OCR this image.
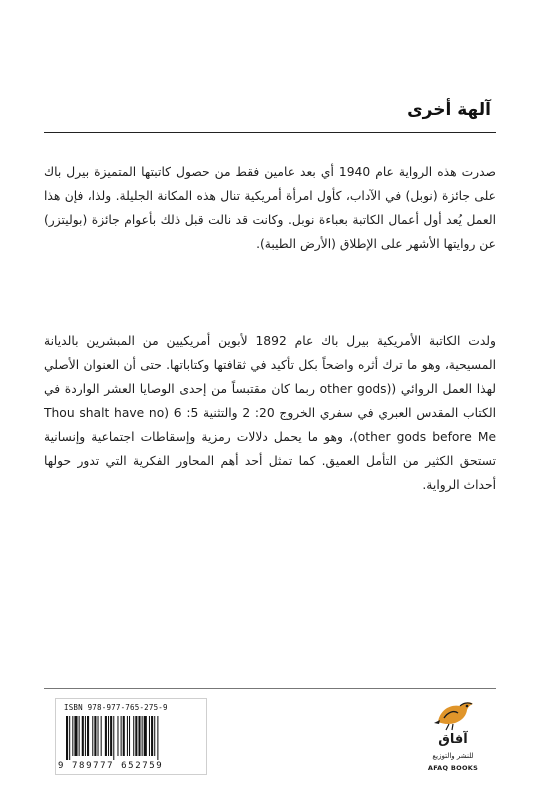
آلهة أخرى

صدرت هذه الرواية عام 1940 أي بعد عامين فقط من حصول كاتبتها المتميزة بيرل باك على جائزة (نوبل) في الآداب، كأول امرأة أمريكية تنال هذه المكانة الجليلة. ولذا، فإن هذا العمل يُعد أول أعمال الكاتبة بعباءة نوبل. وكانت قد نالت قبل ذلك بأعوام جائزة (بوليتزر) عن روايتها الأشهر على الإطلاق (الأرض الطيبة).

ولدت الكاتبة الأمريكية بيرل باك عام 1892 لأبوين أمريكيين من المبشرين بالديانة المسيحية، وهو ما ترك أثره واضحاً بكل تأكيد في ثقافتها وكتاباتها. حتى أن العنوان الأصلي لهذا العمل الروائي ((other gods ربما كان مقتبساً من إحدى الوصايا العشر الواردة في الكتاب المقدس العبري في سفري الخروج 20: 2 والتثنية 5: 6 (Thou shalt have no other gods before Me)، وهو ما يحمل دلالات رمزية وإسقاطات اجتماعية وإنسانية تستحق الكثير من التأمل العميق. كما تمثل أحد أهم المحاور الفكرية التي تدور حولها أحداث الرواية.

ISBN 978-977-765-275-9
9 789777 652759
آفاق
للنشر والتوزيع
AFAQ BOOKS
